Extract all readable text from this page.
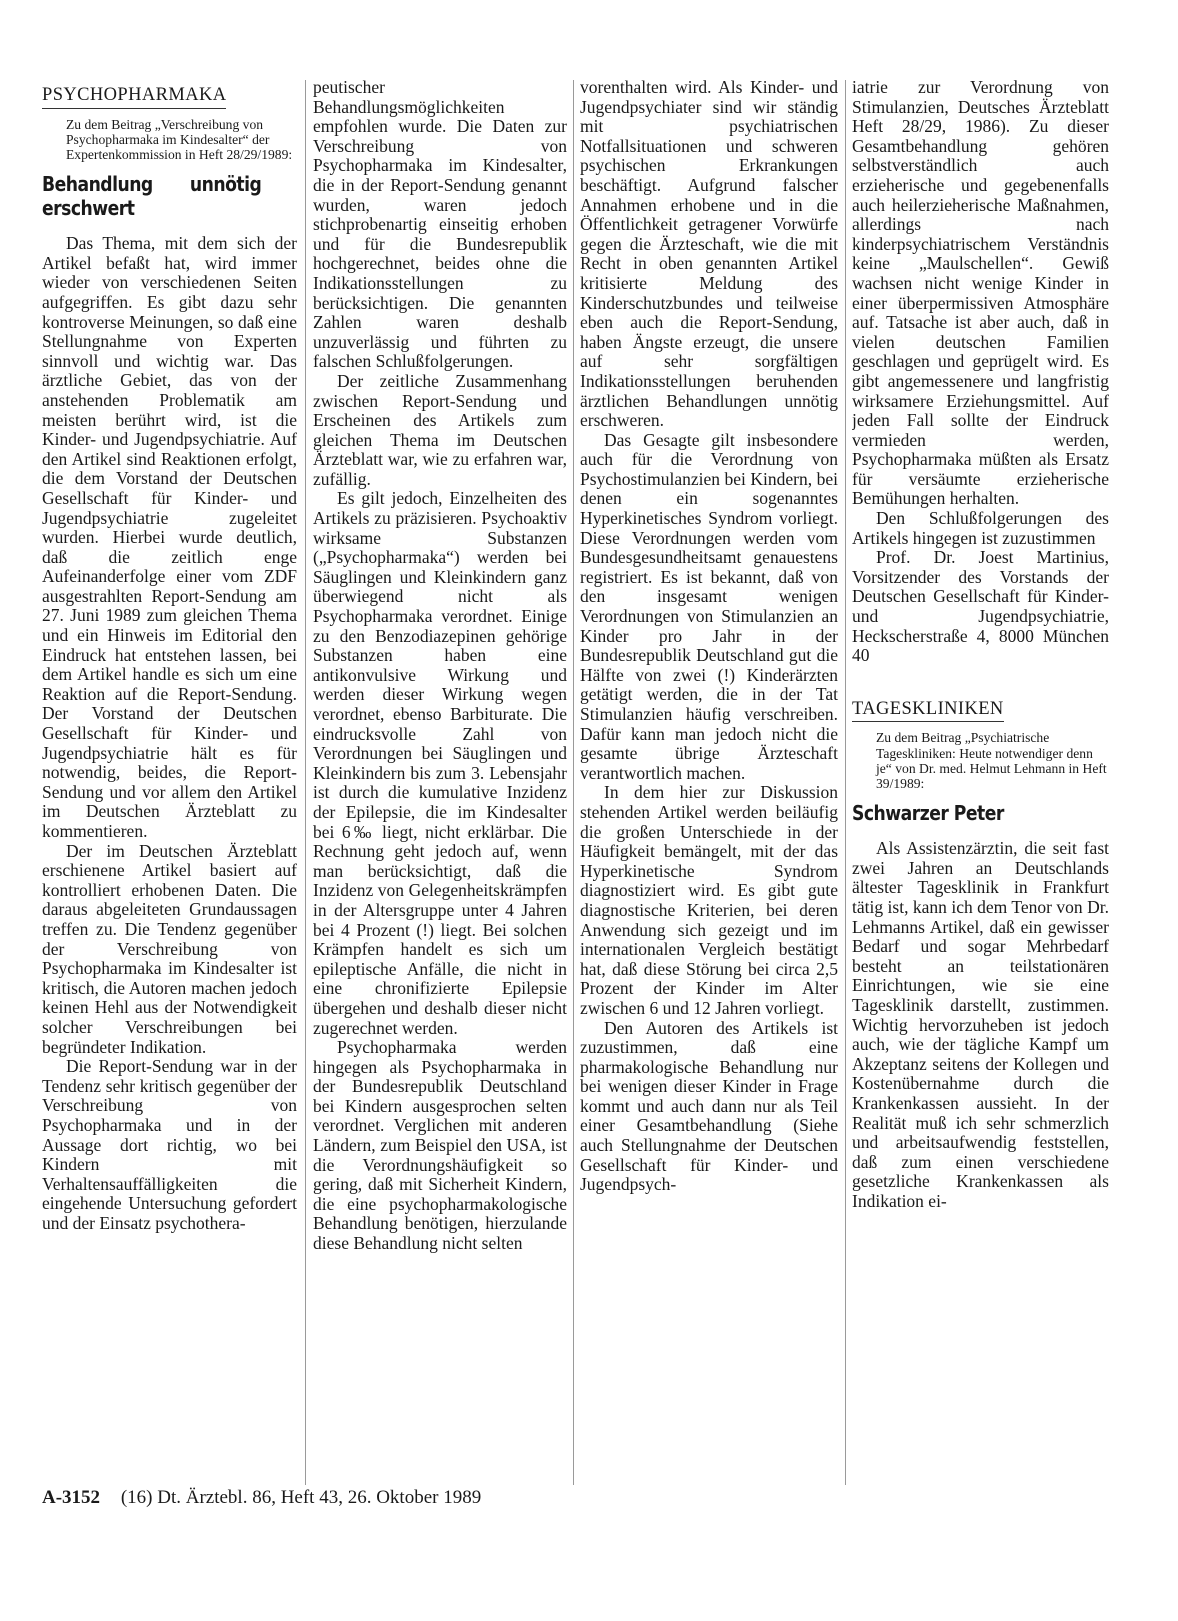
PSYCHOPHARMAKA

Zu dem Beitrag „Verschreibung von Psychopharmaka im Kindesalter“ der Expertenkommission in Heft 28/29/1989:

Behandlung unnötig erschwert

Das Thema, mit dem sich der Artikel befaßt hat, wird immer wieder von verschiedenen Seiten aufgegriffen. Es gibt dazu sehr kontroverse Meinungen, so daß eine Stellungnahme von Experten sinnvoll und wichtig war. Das ärztliche Gebiet, das von der anstehenden Problematik am meisten berührt wird, ist die Kinder- und Jugendpsychiatrie. Auf den Artikel sind Reaktionen erfolgt, die dem Vorstand der Deutschen Gesellschaft für Kinder- und Jugendpsychiatrie zugeleitet wurden. Hierbei wurde deutlich, daß die zeitlich enge Aufeinanderfolge einer vom ZDF ausgestrahlten Report-Sendung am 27. Juni 1989 zum gleichen Thema und ein Hinweis im Editorial den Eindruck hat entstehen lassen, bei dem Artikel handle es sich um eine Reaktion auf die Report-Sendung. Der Vorstand der Deutschen Gesellschaft für Kinder- und Jugendpsychiatrie hält es für notwendig, beides, die Report-Sendung und vor allem den Artikel im Deutschen Ärzteblatt zu kommentieren.

Der im Deutschen Ärzteblatt erschienene Artikel basiert auf kontrolliert erhobenen Daten. Die daraus abgeleiteten Grundaussagen treffen zu. Die Tendenz gegenüber der Verschreibung von Psychopharmaka im Kindesalter ist kritisch, die Autoren machen jedoch keinen Hehl aus der Notwendigkeit solcher Verschreibungen bei begründeter Indikation.

Die Report-Sendung war in der Tendenz sehr kritisch gegenüber der Verschreibung von Psychopharmaka und in der Aussage dort richtig, wo bei Kindern mit Verhaltensauffälligkeiten die eingehende Untersuchung gefordert und der Einsatz psychothera-

peutischer Behandlungsmöglichkeiten empfohlen wurde. Die Daten zur Verschreibung von Psychopharmaka im Kindesalter, die in der Report-Sendung genannt wurden, waren jedoch stichprobenartig einseitig erhoben und für die Bundesrepublik hochgerechnet, beides ohne die Indikationsstellungen zu berücksichtigen. Die genannten Zahlen waren deshalb unzuverlässig und führten zu falschen Schlußfolgerungen.

Der zeitliche Zusammenhang zwischen Report-Sendung und Erscheinen des Artikels zum gleichen Thema im Deutschen Ärzteblatt war, wie zu erfahren war, zufällig.

Es gilt jedoch, Einzelheiten des Artikels zu präzisieren. Psychoaktiv wirksame Substanzen („Psychopharmaka“) werden bei Säuglingen und Kleinkindern ganz überwiegend nicht als Psychopharmaka verordnet. Einige zu den Benzodiazepinen gehörige Substanzen haben eine antikonvulsive Wirkung und werden dieser Wirkung wegen verordnet, ebenso Barbiturate. Die eindrucksvolle Zahl von Verordnungen bei Säuglingen und Kleinkindern bis zum 3. Lebensjahr ist durch die kumulative Inzidenz der Epilepsie, die im Kindesalter bei 6‰ liegt, nicht erklärbar. Die Rechnung geht jedoch auf, wenn man berücksichtigt, daß die Inzidenz von Gelegenheitskrämpfen in der Altersgruppe unter 4 Jahren bei 4 Prozent (!) liegt. Bei solchen Krämpfen handelt es sich um epileptische Anfälle, die nicht in eine chronifizierte Epilepsie übergehen und deshalb dieser nicht zugerechnet werden.

Psychopharmaka werden hingegen als Psychopharmaka in der Bundesrepublik Deutschland bei Kindern ausgesprochen selten verordnet. Verglichen mit anderen Ländern, zum Beispiel den USA, ist die Verordnungshäufigkeit so gering, daß mit Sicherheit Kindern, die eine psychopharmakologische Behandlung benötigen, hierzulande diese Behandlung nicht selten

vorenthalten wird. Als Kinder- und Jugendpsychiater sind wir ständig mit psychiatrischen Notfallsituationen und schweren psychischen Erkrankungen beschäftigt. Aufgrund falscher Annahmen erhobene und in die Öffentlichkeit getragener Vorwürfe gegen die Ärzteschaft, wie die mit Recht in oben genannten Artikel kritisierte Meldung des Kinderschutzbundes und teilweise eben auch die Report-Sendung, haben Ängste erzeugt, die unsere auf sehr sorgfältigen Indikationsstellungen beruhenden ärztlichen Behandlungen unnötig erschweren.

Das Gesagte gilt insbesondere auch für die Verordnung von Psychostimulanzien bei Kindern, bei denen ein sogenanntes Hyperkinetisches Syndrom vorliegt. Diese Verordnungen werden vom Bundesgesundheitsamt genauestens registriert. Es ist bekannt, daß von den insgesamt wenigen Verordnungen von Stimulanzien an Kinder pro Jahr in der Bundesrepublik Deutschland gut die Hälfte von zwei (!) Kinderärzten getätigt werden, die in der Tat Stimulanzien häufig verschreiben. Dafür kann man jedoch nicht die gesamte übrige Ärzteschaft verantwortlich machen.

In dem hier zur Diskussion stehenden Artikel werden beiläufig die großen Unterschiede in der Häufigkeit bemängelt, mit der das Hyperkinetische Syndrom diagnostiziert wird. Es gibt gute diagnostische Kriterien, bei deren Anwendung sich gezeigt und im internationalen Vergleich bestätigt hat, daß diese Störung bei circa 2,5 Prozent der Kinder im Alter zwischen 6 und 12 Jahren vorliegt.

Den Autoren des Artikels ist zuzustimmen, daß eine pharmakologische Behandlung nur bei wenigen dieser Kinder in Frage kommt und auch dann nur als Teil einer Gesamtbehandlung (Siehe auch Stellungnahme der Deutschen Gesellschaft für Kinder- und Jugendpsych-

iatrie zur Verordnung von Stimulanzien, Deutsches Ärzteblatt Heft 28/29, 1986). Zu dieser Gesamtbehandlung gehören selbstverständlich auch erzieherische und gegebenenfalls auch heilerzieherische Maßnahmen, allerdings nach kinderpsychiatrischem Verständnis keine „Maulschellen“. Gewiß wachsen nicht wenige Kinder in einer überpermissiven Atmosphäre auf. Tatsache ist aber auch, daß in vielen deutschen Familien geschlagen und geprügelt wird. Es gibt angemessenere und langfristig wirksamere Erziehungsmittel. Auf jeden Fall sollte der Eindruck vermieden werden, Psychopharmaka müßten als Ersatz für versäumte erzieherische Bemühungen herhalten.

Den Schlußfolgerungen des Artikels hingegen ist zuzustimmen

Prof. Dr. Joest Martinius, Vorsitzender des Vorstands der Deutschen Gesellschaft für Kinder- und Jugendpsychiatrie, Heckscherstraße 4, 8000 München 40

TAGESKLINIKEN

Zu dem Beitrag „Psychiatrische Tageskliniken: Heute notwendiger denn je“ von Dr. med. Helmut Lehmann in Heft 39/1989:

Schwarzer Peter

Als Assistenzärztin, die seit fast zwei Jahren an Deutschlands ältester Tagesklinik in Frankfurt tätig ist, kann ich dem Tenor von Dr. Lehmanns Artikel, daß ein gewisser Bedarf und sogar Mehrbedarf besteht an teilstationären Einrichtungen, wie sie eine Tagesklinik darstellt, zustimmen. Wichtig hervorzuheben ist jedoch auch, wie der tägliche Kampf um Akzeptanz seitens der Kollegen und Kostenübernahme durch die Krankenkassen aussieht. In der Realität muß ich sehr schmerzlich und arbeitsaufwendig feststellen, daß zum einen verschiedene gesetzliche Krankenkassen als Indikation ei-

A-3152 (16) Dt. Ärztebl. 86, Heft 43, 26. Oktober 1989
